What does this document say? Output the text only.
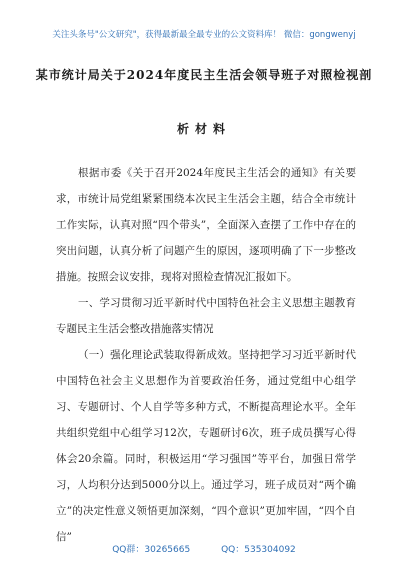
关注头条号"公文研究"，获得最新最全最专业的公文资料库！ 微信：gongwenyj
某市统计局关于2024年度民主生活会领导班子对照检视剖
析材料

根据市委《关于召开2024年度民主生活会的通知》有关要求，市统计局党组紧紧围绕本次民主生活会主题，结合全市统计工作实际，认真对照“四个带头”，全面深入查摆了工作中存在的突出问题，认真分析了问题产生的原因，逐项明确了下一步整改措施。按照会议安排，现将对照检查情况汇报如下。

一、学习贯彻习近平新时代中国特色社会主义思想主题教育专题民主生活会整改措施落实情况

（一）强化理论武装取得新成效。坚持把学习习近平新时代中国特色社会主义思想作为首要政治任务，通过党组中心组学习、专题研讨、个人自学等多种方式，不断提高理论水平。全年共组织党组中心组学习12次，专题研讨6次，班子成员撰写心得体会20余篇。同时，积极运用“学习强国”等平台，加强日常学习，人均积分达到5000分以上。通过学习，班子成员对“两个确立”的决定性意义领悟更加深刻，“四个意识”更加牢固，“四个自信”

QQ群：30265665	QQ：535304092
